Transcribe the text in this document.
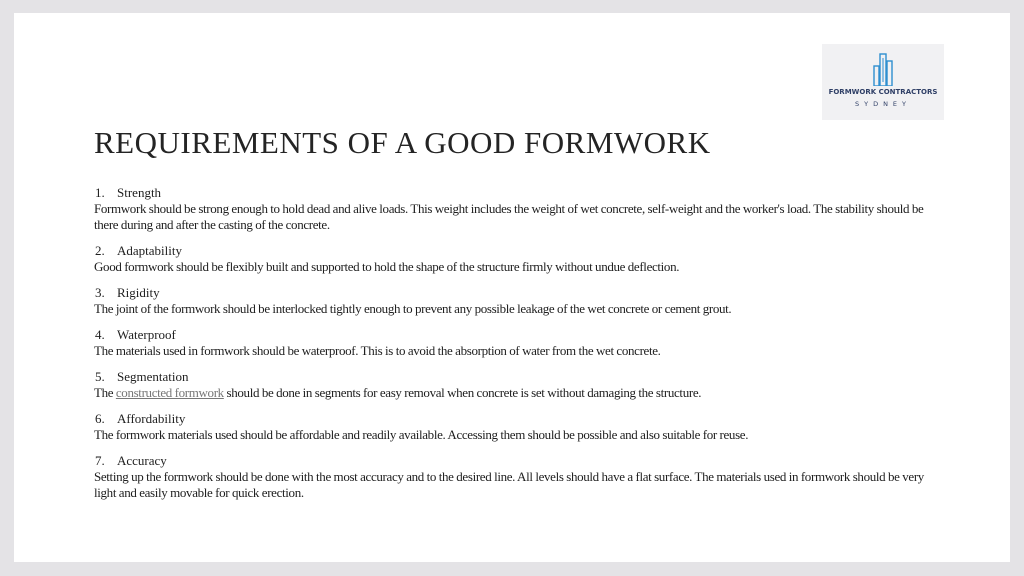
FORMWORK CONTRACTORS
SYDNEY
REQUIREMENTS OF A GOOD FORMWORK
1. Strength
Formwork should be strong enough to hold dead and alive loads. This weight includes the weight of wet concrete, self-weight and the worker's load. The stability should be there during and after the casting of the concrete.
2. Adaptability
Good formwork should be flexibly built and supported to hold the shape of the structure firmly without undue deflection.
3. Rigidity
The joint of the formwork should be interlocked tightly enough to prevent any possible leakage of the wet concrete or cement grout.
4. Waterproof
The materials used in formwork should be waterproof. This is to avoid the absorption of water from the wet concrete.
5. Segmentation
The constructed formwork should be done in segments for easy removal when concrete is set without damaging the structure.
6. Affordability
The formwork materials used should be affordable and readily available. Accessing them should be possible and also suitable for reuse.
7. Accuracy
Setting up the formwork should be done with the most accuracy and to the desired line. All levels should have a flat surface. The materials used in formwork should be very light and easily movable for quick erection.
